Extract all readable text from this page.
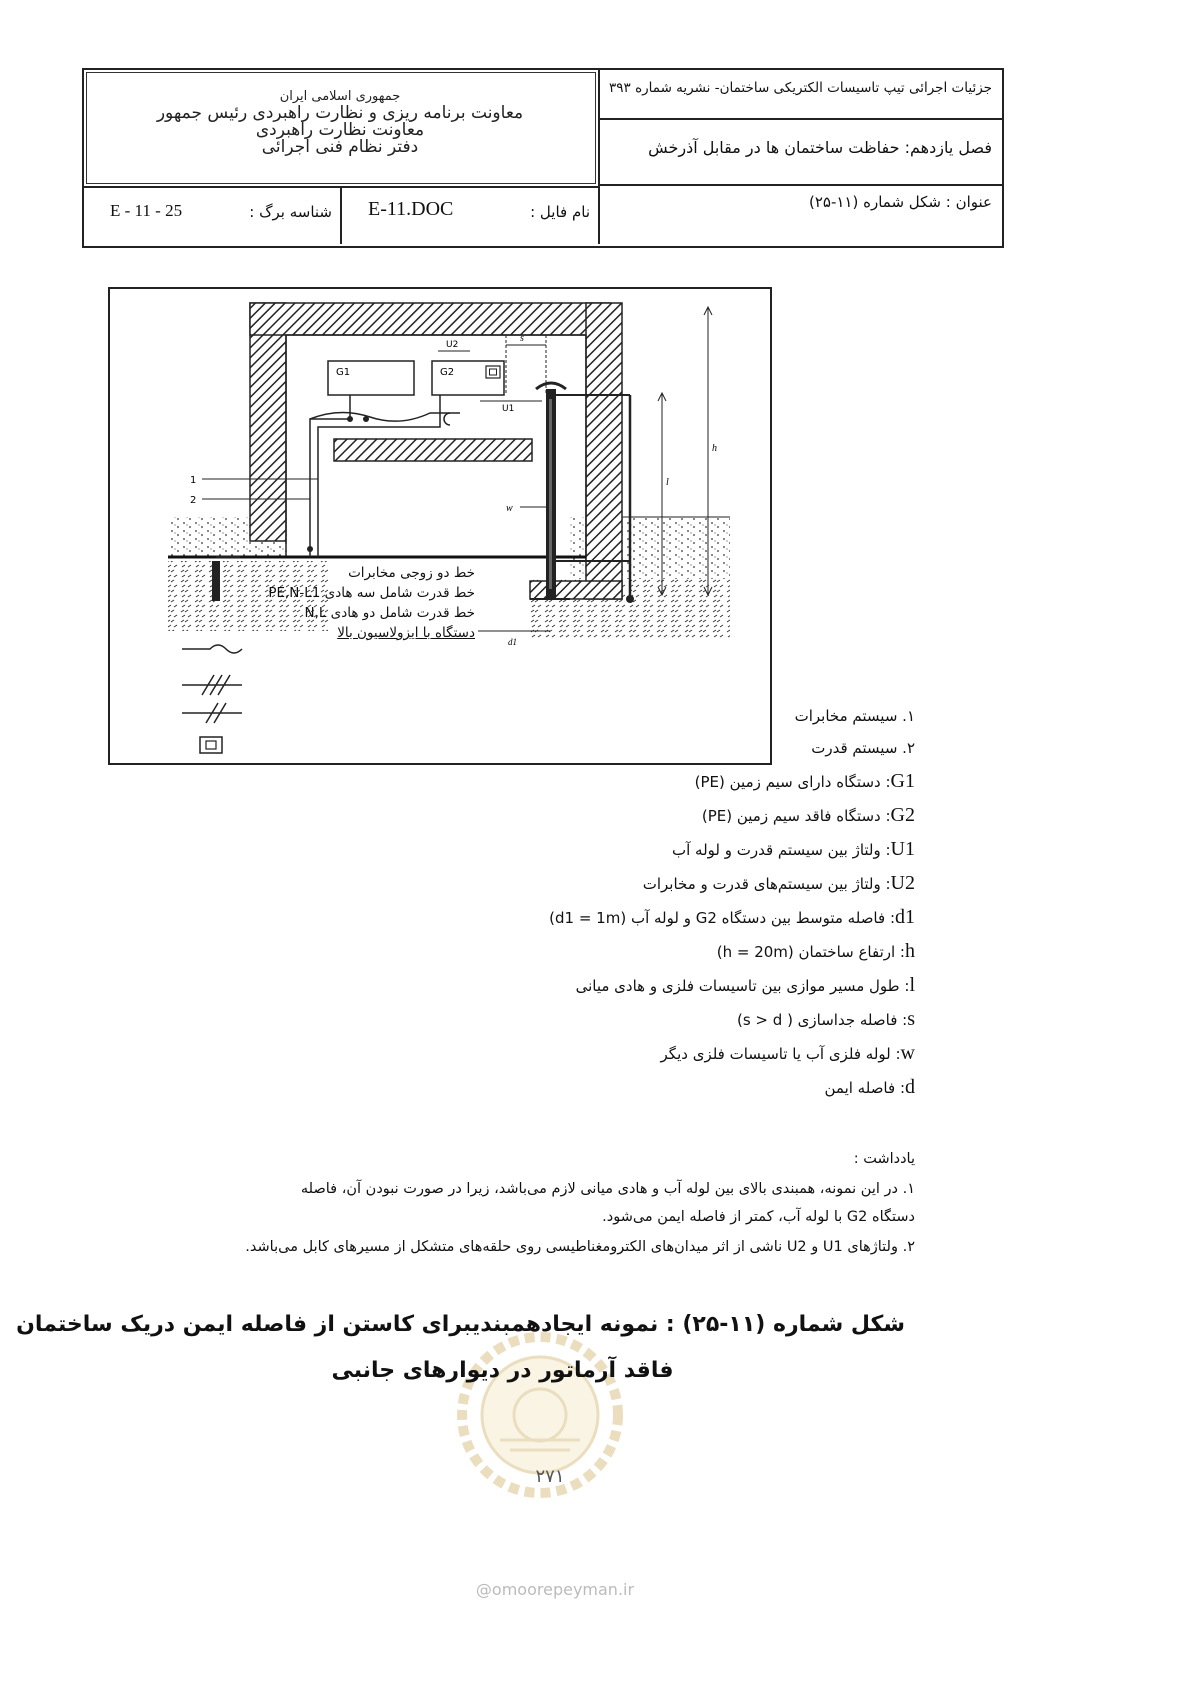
جمهوری اسلامی ایران
معاونت برنامه ریزی و نظارت راهبردی رئیس جمهور
معاونت نظارت راهبردی
دفتر نظام فنی اجرائی
جزئیات اجرائی تیپ تاسیسات الکتریکی ساختمان- نشریه شماره ۳۹۳
فصل یازدهم: حفاظت ساختمان ها در مقابل آذرخش
عنوان : شکل شماره (۱۱-۲۵)
نام فایل :
E-11.DOC
شناسه برگ :
E - 11 - 25
G1	G2
h
l
w
s
U2
U1
d1
1
2
خط دو زوجی مخابرات
خط قدرت شامل سه هادی PE,N-L1
خط قدرت شامل دو هادی N,L
دستگاه با ایزولاسیون بالا
۱. سیستم مخابرات
۲. سیستم قدرت
G1: دستگاه دارای سیم زمین (PE)
G2: دستگاه فاقد سیم زمین (PE)
U1: ولتاژ بین سیستم قدرت و لوله آب
U2: ولتاژ بین سیستم‌های قدرت و مخابرات
d1: فاصله متوسط بین دستگاه G2 و لوله آب (d1 = 1m)
h: ارتفاع ساختمان (h = 20m)
l: طول مسیر موازی بین تاسیسات فلزی و هادی میانی
s: فاصله جداسازی ( s > d)
w: لوله فلزی آب یا تاسیسات فلزی دیگر
d: فاصله ایمن
یادداشت :
۱. در این نمونه، همبندی بالای بین لوله آب و هادی میانی لازم می‌باشد، زیرا در صورت نبودن آن، فاصله
دستگاه G2 با لوله آب، کمتر از فاصله ایمن می‌شود.
۲. ولتاژهای U1 و U2 ناشی از اثر میدان‌های الکترومغناطیسی روی حلقه‌های متشکل از مسیرهای کابل می‌باشد.
شکل شماره (۱۱-۲۵) : نمونه ایجادهمبندیبرای کاستن از فاصله ایمن دریک ساختمان
فاقد آرماتور در دیوارهای جانبی
۲۷۱
@omoorepeyman.ir
